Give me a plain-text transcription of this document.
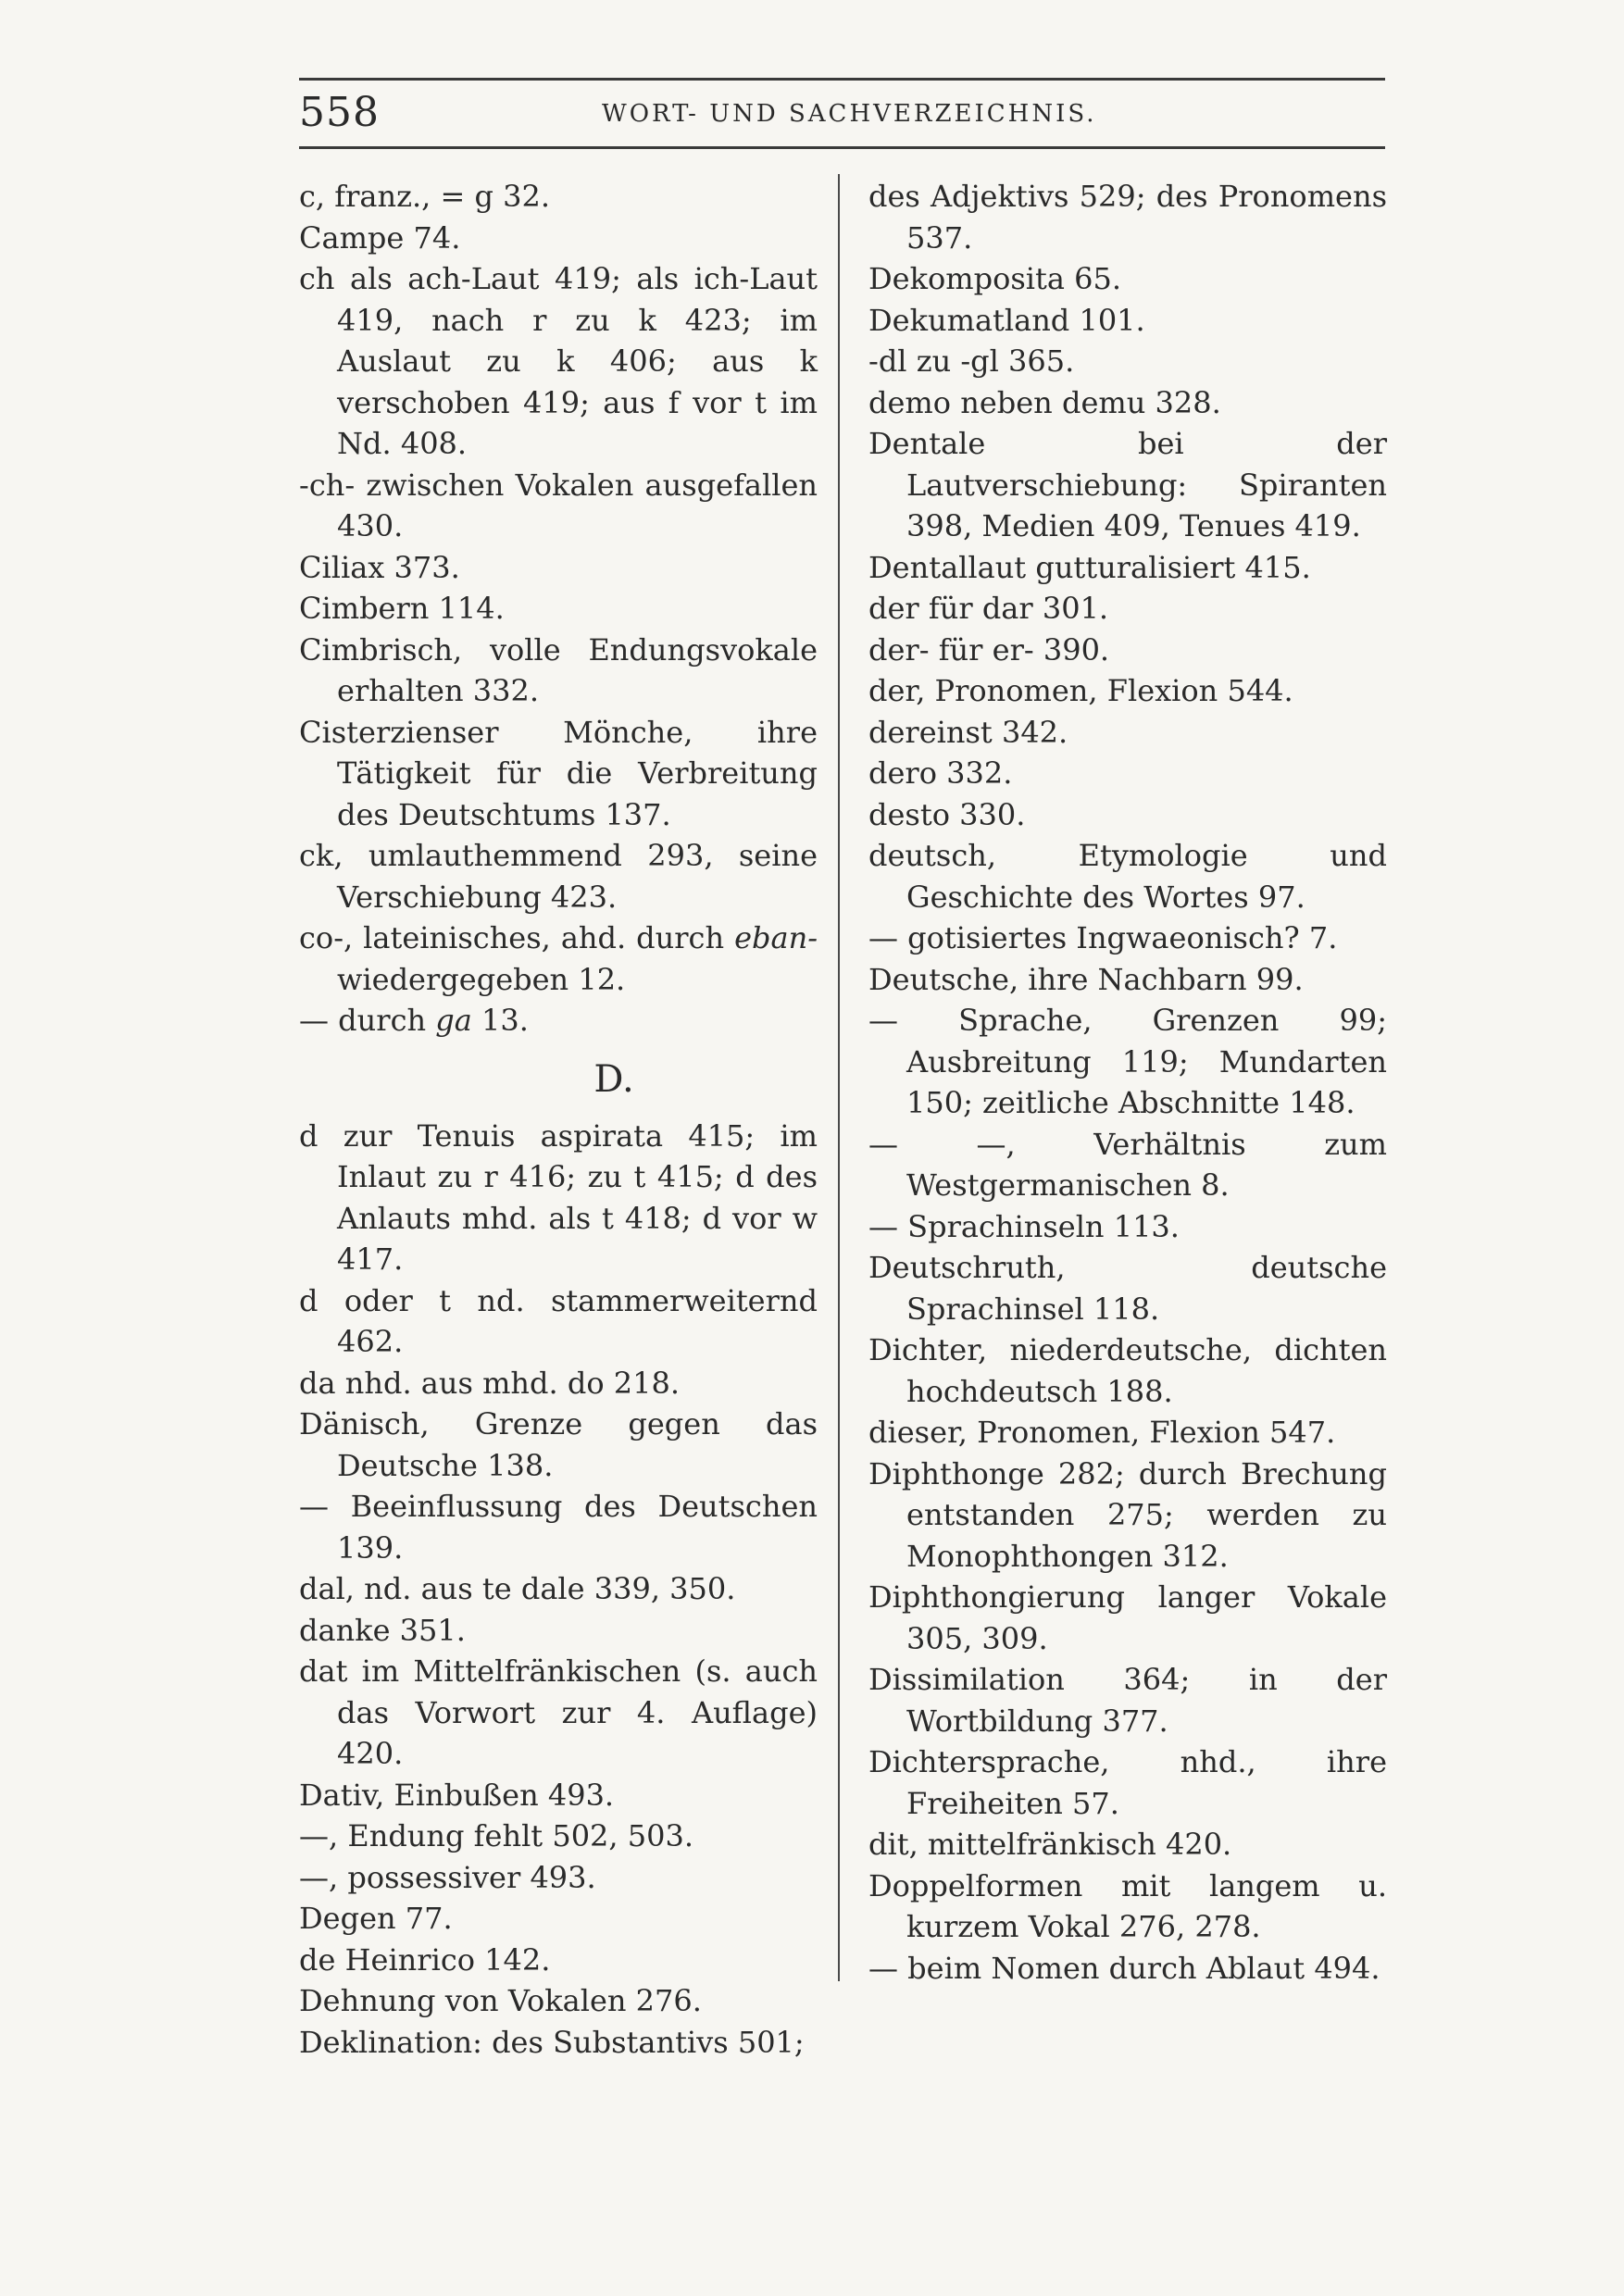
558	WORT- UND SACHVERZEICHNIS.

c, franz., = g 32.

Campe 74.

ch als ach-Laut 419; als ich-Laut 419, nach r zu k 423; im Auslaut zu k 406; aus k verschoben 419; aus f vor t im Nd. 408.

-ch- zwischen Vokalen ausgefallen 430.

Ciliax 373.

Cimbern 114.

Cimbrisch, volle Endungsvokale erhalten 332.

Cisterzienser Mönche, ihre Tätigkeit für die Verbreitung des Deutschtums 137.

ck, umlauthemmend 293, seine Verschiebung 423.

co-, lateinisches, ahd. durch eban- wiedergegeben 12.

— durch ga 13.

D.

d zur Tenuis aspirata 415; im Inlaut zu r 416; zu t 415; d des Anlauts mhd. als t 418; d vor w 417.

d oder t nd. stammerweiternd 462.

da nhd. aus mhd. do 218.

Dänisch, Grenze gegen das Deutsche 138.

— Beeinflussung des Deutschen 139.

dal, nd. aus te dale 339, 350.

danke 351.

dat im Mittelfränkischen (s. auch das Vorwort zur 4. Auflage) 420.

Dativ, Einbußen 493.

—, Endung fehlt 502, 503.

—, possessiver 493.

Degen 77.

de Heinrico 142.

Dehnung von Vokalen 276.

Deklination: des Substantivs 501;

des Adjektivs 529; des Pronomens 537.

Dekomposita 65.

Dekumatland 101.

-dl zu -gl 365.

demo neben demu 328.

Dentale bei der Lautverschiebung: Spiranten 398, Medien 409, Tenues 419.

Dentallaut gutturalisiert 415.

der für dar 301.

der- für er- 390.

der, Pronomen, Flexion 544.

dereinst 342.

dero 332.

desto 330.

deutsch, Etymologie und Geschichte des Wortes 97.

— gotisiertes Ingwaeonisch? 7.

Deutsche, ihre Nachbarn 99.

— Sprache, Grenzen 99; Ausbreitung 119; Mundarten 150; zeitliche Abschnitte 148.

— —, Verhältnis zum Westgermanischen 8.

— Sprachinseln 113.

Deutschruth, deutsche Sprachinsel 118.

Dichter, niederdeutsche, dichten hochdeutsch 188.

dieser, Pronomen, Flexion 547.

Diphthonge 282; durch Brechung entstanden 275; werden zu Monophthongen 312.

Diphthongierung langer Vokale 305, 309.

Dissimilation 364; in der Wortbildung 377.

Dichtersprache, nhd., ihre Freiheiten 57.

dit, mittelfränkisch 420.

Doppelformen mit langem u. kurzem Vokal 276, 278.

— beim Nomen durch Ablaut 494.
